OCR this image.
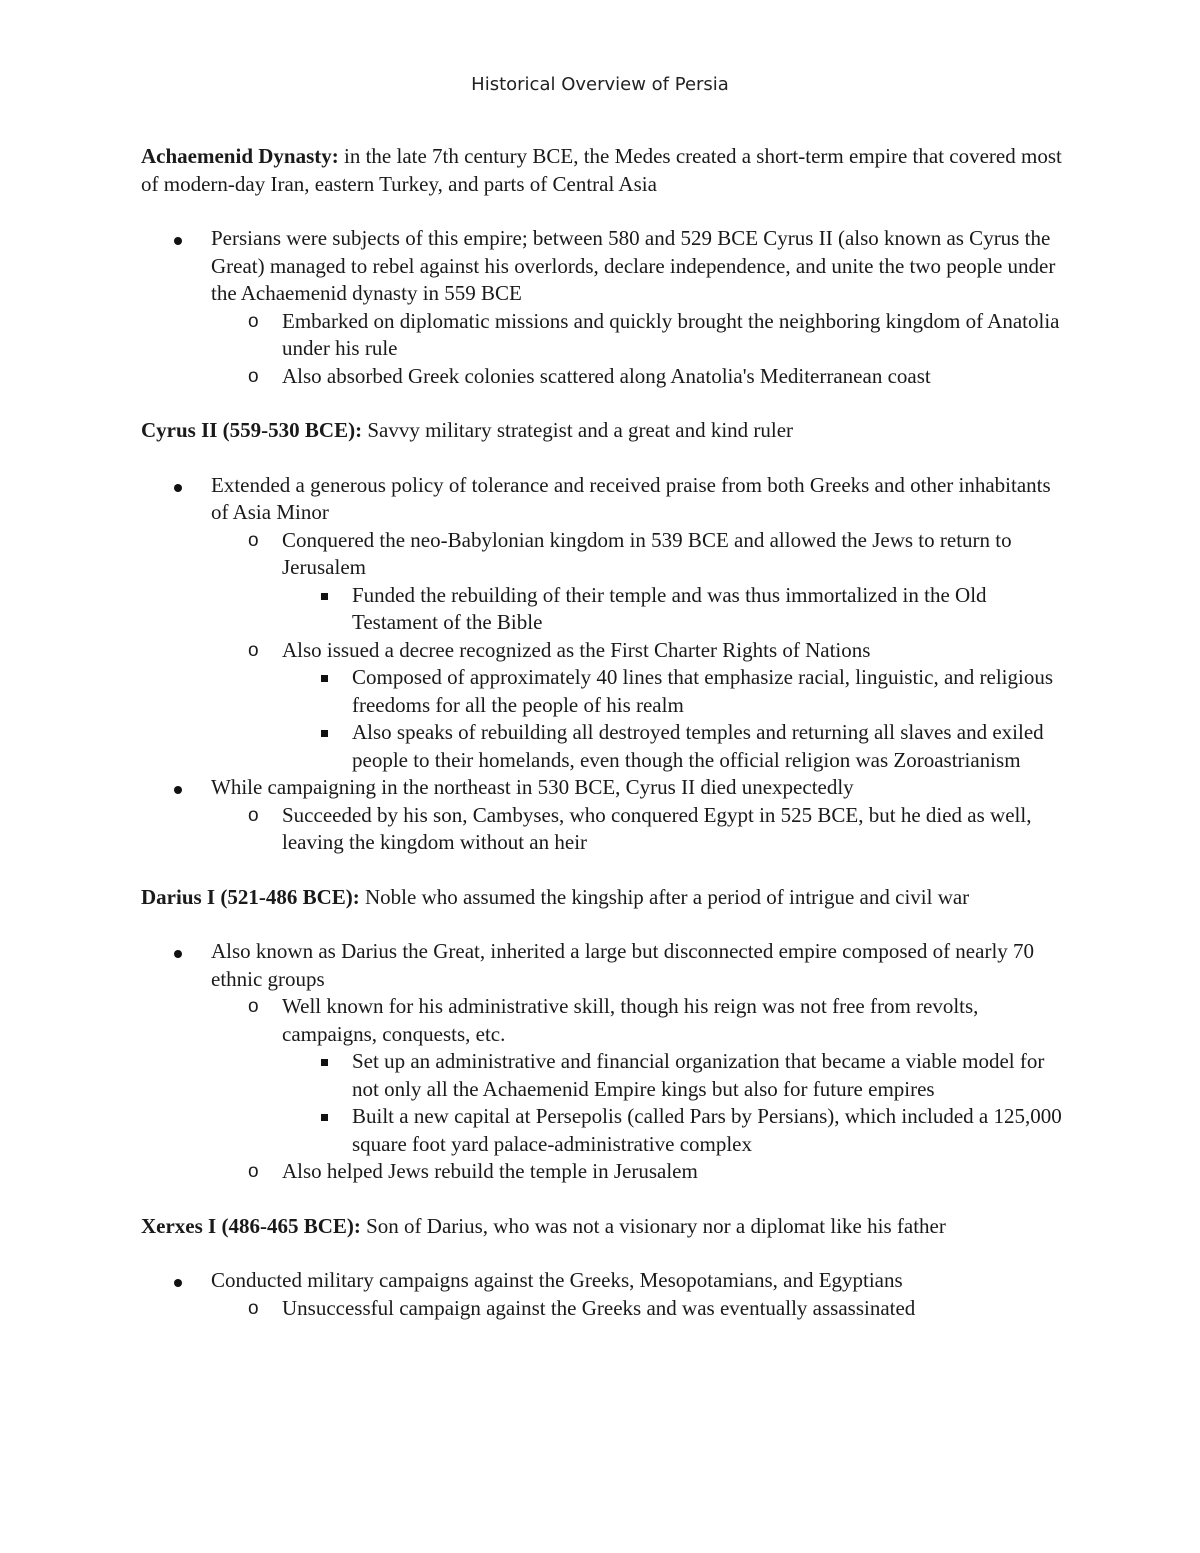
Historical Overview of Persia

Achaemenid Dynasty: in the late 7th century BCE, the Medes created a short-term empire that covered most of modern-day Iran, eastern Turkey, and parts of Central Asia

Persians were subjects of this empire; between 580 and 529 BCE Cyrus II (also known as Cyrus the Great) managed to rebel against his overlords, declare independence, and unite the two people under the Achaemenid dynasty in 559 BCE
o Embarked on diplomatic missions and quickly brought the neighboring kingdom of Anatolia under his rule
o Also absorbed Greek colonies scattered along Anatolia's Mediterranean coast

Cyrus II (559-530 BCE): Savvy military strategist and a great and kind ruler

Extended a generous policy of tolerance and received praise from both Greeks and other inhabitants of Asia Minor
o Conquered the neo-Babylonian kingdom in 539 BCE and allowed the Jews to return to Jerusalem
Funded the rebuilding of their temple and was thus immortalized in the Old Testament of the Bible
o Also issued a decree recognized as the First Charter Rights of Nations
Composed of approximately 40 lines that emphasize racial, linguistic, and religious freedoms for all the people of his realm
Also speaks of rebuilding all destroyed temples and returning all slaves and exiled people to their homelands, even though the official religion was Zoroastrianism
While campaigning in the northeast in 530 BCE, Cyrus II died unexpectedly
o Succeeded by his son, Cambyses, who conquered Egypt in 525 BCE, but he died as well, leaving the kingdom without an heir

Darius I (521-486 BCE): Noble who assumed the kingship after a period of intrigue and civil war

Also known as Darius the Great, inherited a large but disconnected empire composed of nearly 70 ethnic groups
o Well known for his administrative skill, though his reign was not free from revolts, campaigns, conquests, etc.
Set up an administrative and financial organization that became a viable model for not only all the Achaemenid Empire kings but also for future empires
Built a new capital at Persepolis (called Pars by Persians), which included a 125,000 square foot yard palace-administrative complex
o Also helped Jews rebuild the temple in Jerusalem

Xerxes I (486-465 BCE): Son of Darius, who was not a visionary nor a diplomat like his father

Conducted military campaigns against the Greeks, Mesopotamians, and Egyptians
o Unsuccessful campaign against the Greeks and was eventually assassinated
